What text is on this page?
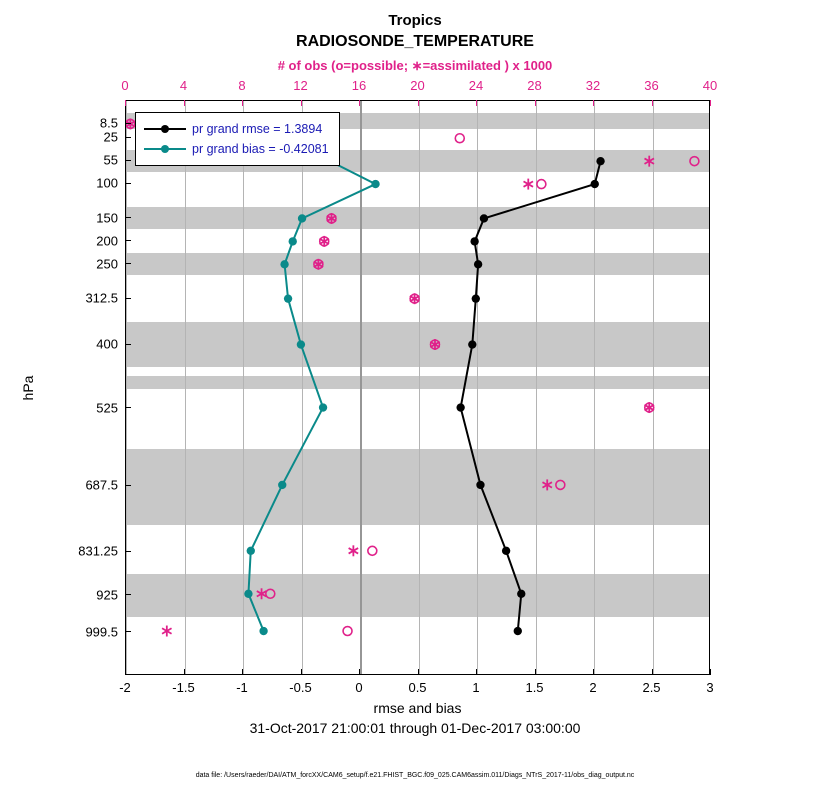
Tropics
RADIOSONDE_TEMPERATURE
# of obs (o=possible; ∗=assimilated ) x 1000
hPa
-2	-1.5	-1	-0.5	0	0.5	1	1.5	2	2.5	3
0	4	8	12	16	20	24	28	32	36	40
8.5
25
55
100
150
200
250
312.5
400
525
687.5
831.25
925
999.5
rmse and bias
31-Oct-2017 21:00:01 through 01-Dec-2017 03:00:00
data file: /Users/raeder/DAI/ATM_forcXX/CAM6_setup/f.e21.FHIST_BGC.f09_025.CAM6assim.011/Diags_NTrS_2017-11/obs_diag_output.nc
pr grand rmse = 1.3894
pr grand bias = -0.42081
